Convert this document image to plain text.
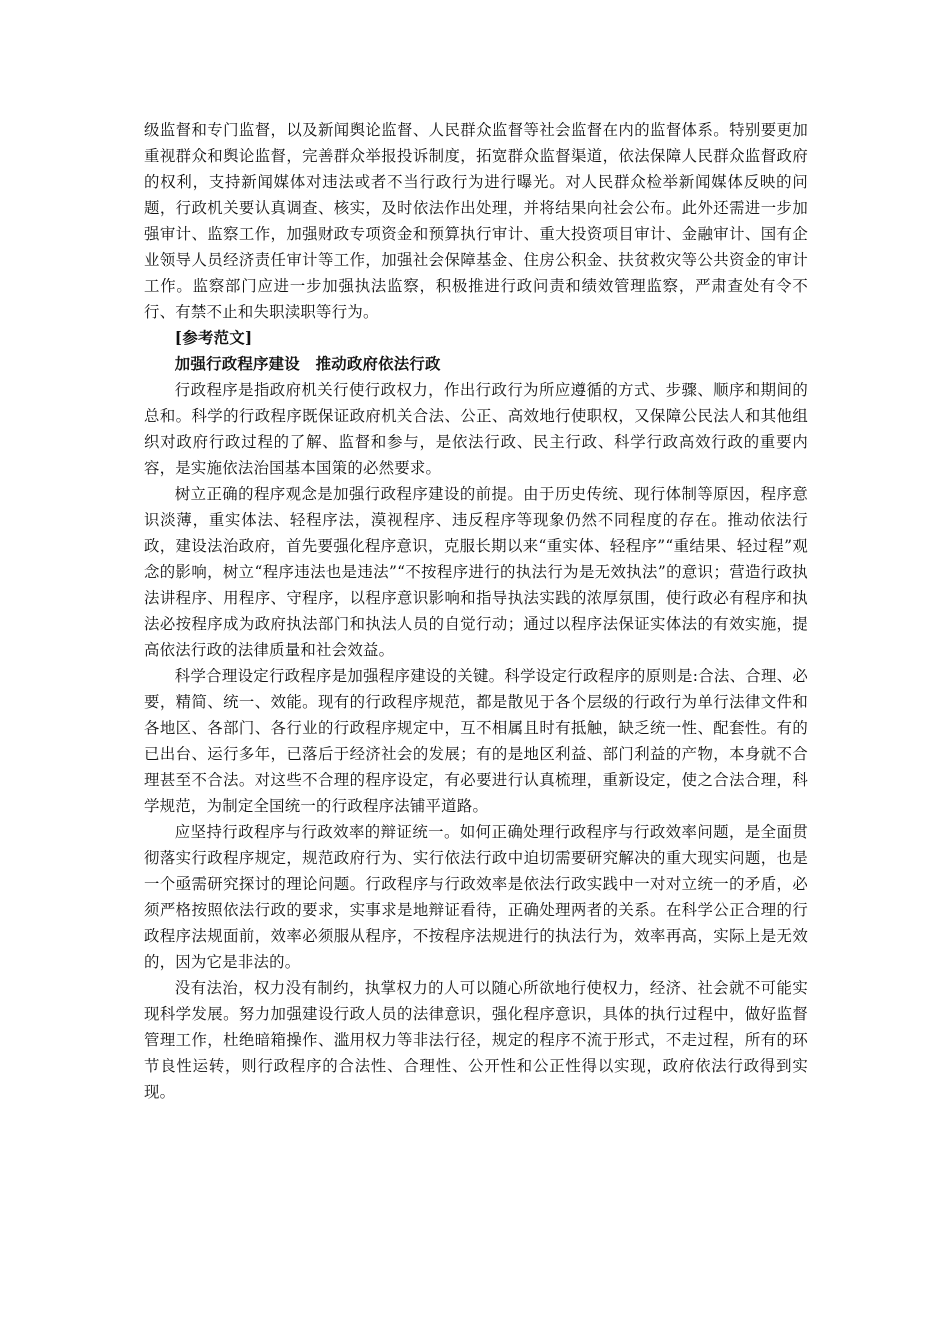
级监督和专门监督，以及新闻舆论监督、人民群众监督等社会监督在内的监督体系。特别要更加重视群众和舆论监督，完善群众举报投诉制度，拓宽群众监督渠道，依法保障人民群众监督政府的权利，支持新闻媒体对违法或者不当行政行为进行曝光。对人民群众检举新闻媒体反映的问题，行政机关要认真调查、核实，及时依法作出处理，并将结果向社会公布。此外还需进一步加强审计、监察工作，加强财政专项资金和预算执行审计、重大投资项目审计、金融审计、国有企业领导人员经济责任审计等工作，加强社会保障基金、住房公积金、扶贫救灾等公共资金的审计工作。监察部门应进一步加强执法监察，积极推进行政问责和绩效管理监察，严肃查处有令不行、有禁不止和失职渎职等行为。

[参考范文]

加强行政程序建设　推动政府依法行政

行政程序是指政府机关行使行政权力，作出行政行为所应遵循的方式、步骤、顺序和期间的总和。科学的行政程序既保证政府机关合法、公正、高效地行使职权，又保障公民法人和其他组织对政府行政过程的了解、监督和参与，是依法行政、民主行政、科学行政高效行政的重要内容，是实施依法治国基本国策的必然要求。

树立正确的程序观念是加强行政程序建设的前提。由于历史传统、现行体制等原因，程序意识淡薄，重实体法、轻程序法，漠视程序、违反程序等现象仍然不同程度的存在。推动依法行政，建设法治政府，首先要强化程序意识，克服长期以来“重实体、轻程序”“重结果、轻过程”观念的影响，树立“程序违法也是违法”“不按程序进行的执法行为是无效执法”的意识；营造行政执法讲程序、用程序、守程序，以程序意识影响和指导执法实践的浓厚氛围，使行政必有程序和执法必按程序成为政府执法部门和执法人员的自觉行动；通过以程序法保证实体法的有效实施，提高依法行政的法律质量和社会效益。

科学合理设定行政程序是加强程序建设的关键。科学设定行政程序的原则是:合法、合理、必要，精简、统一、效能。现有的行政程序规范，都是散见于各个层级的行政行为单行法律文件和各地区、各部门、各行业的行政程序规定中，互不相属且时有抵触，缺乏统一性、配套性。有的已出台、运行多年，已落后于经济社会的发展；有的是地区利益、部门利益的产物，本身就不合理甚至不合法。对这些不合理的程序设定，有必要进行认真梳理，重新设定，使之合法合理，科学规范，为制定全国统一的行政程序法铺平道路。

应坚持行政程序与行政效率的辩证统一。如何正确处理行政程序与行政效率问题，是全面贯彻落实行政程序规定，规范政府行为、实行依法行政中迫切需要研究解决的重大现实问题，也是一个亟需研究探讨的理论问题。行政程序与行政效率是依法行政实践中一对对立统一的矛盾，必须严格按照依法行政的要求，实事求是地辩证看待，正确处理两者的关系。在科学公正合理的行政程序法规面前，效率必须服从程序，不按程序法规进行的执法行为，效率再高，实际上是无效的，因为它是非法的。

没有法治，权力没有制约，执掌权力的人可以随心所欲地行使权力，经济、社会就不可能实现科学发展。努力加强建设行政人员的法律意识，强化程序意识，具体的执行过程中，做好监督管理工作，杜绝暗箱操作、滥用权力等非法行径，规定的程序不流于形式，不走过程，所有的环节良性运转，则行政程序的合法性、合理性、公开性和公正性得以实现，政府依法行政得到实现。
